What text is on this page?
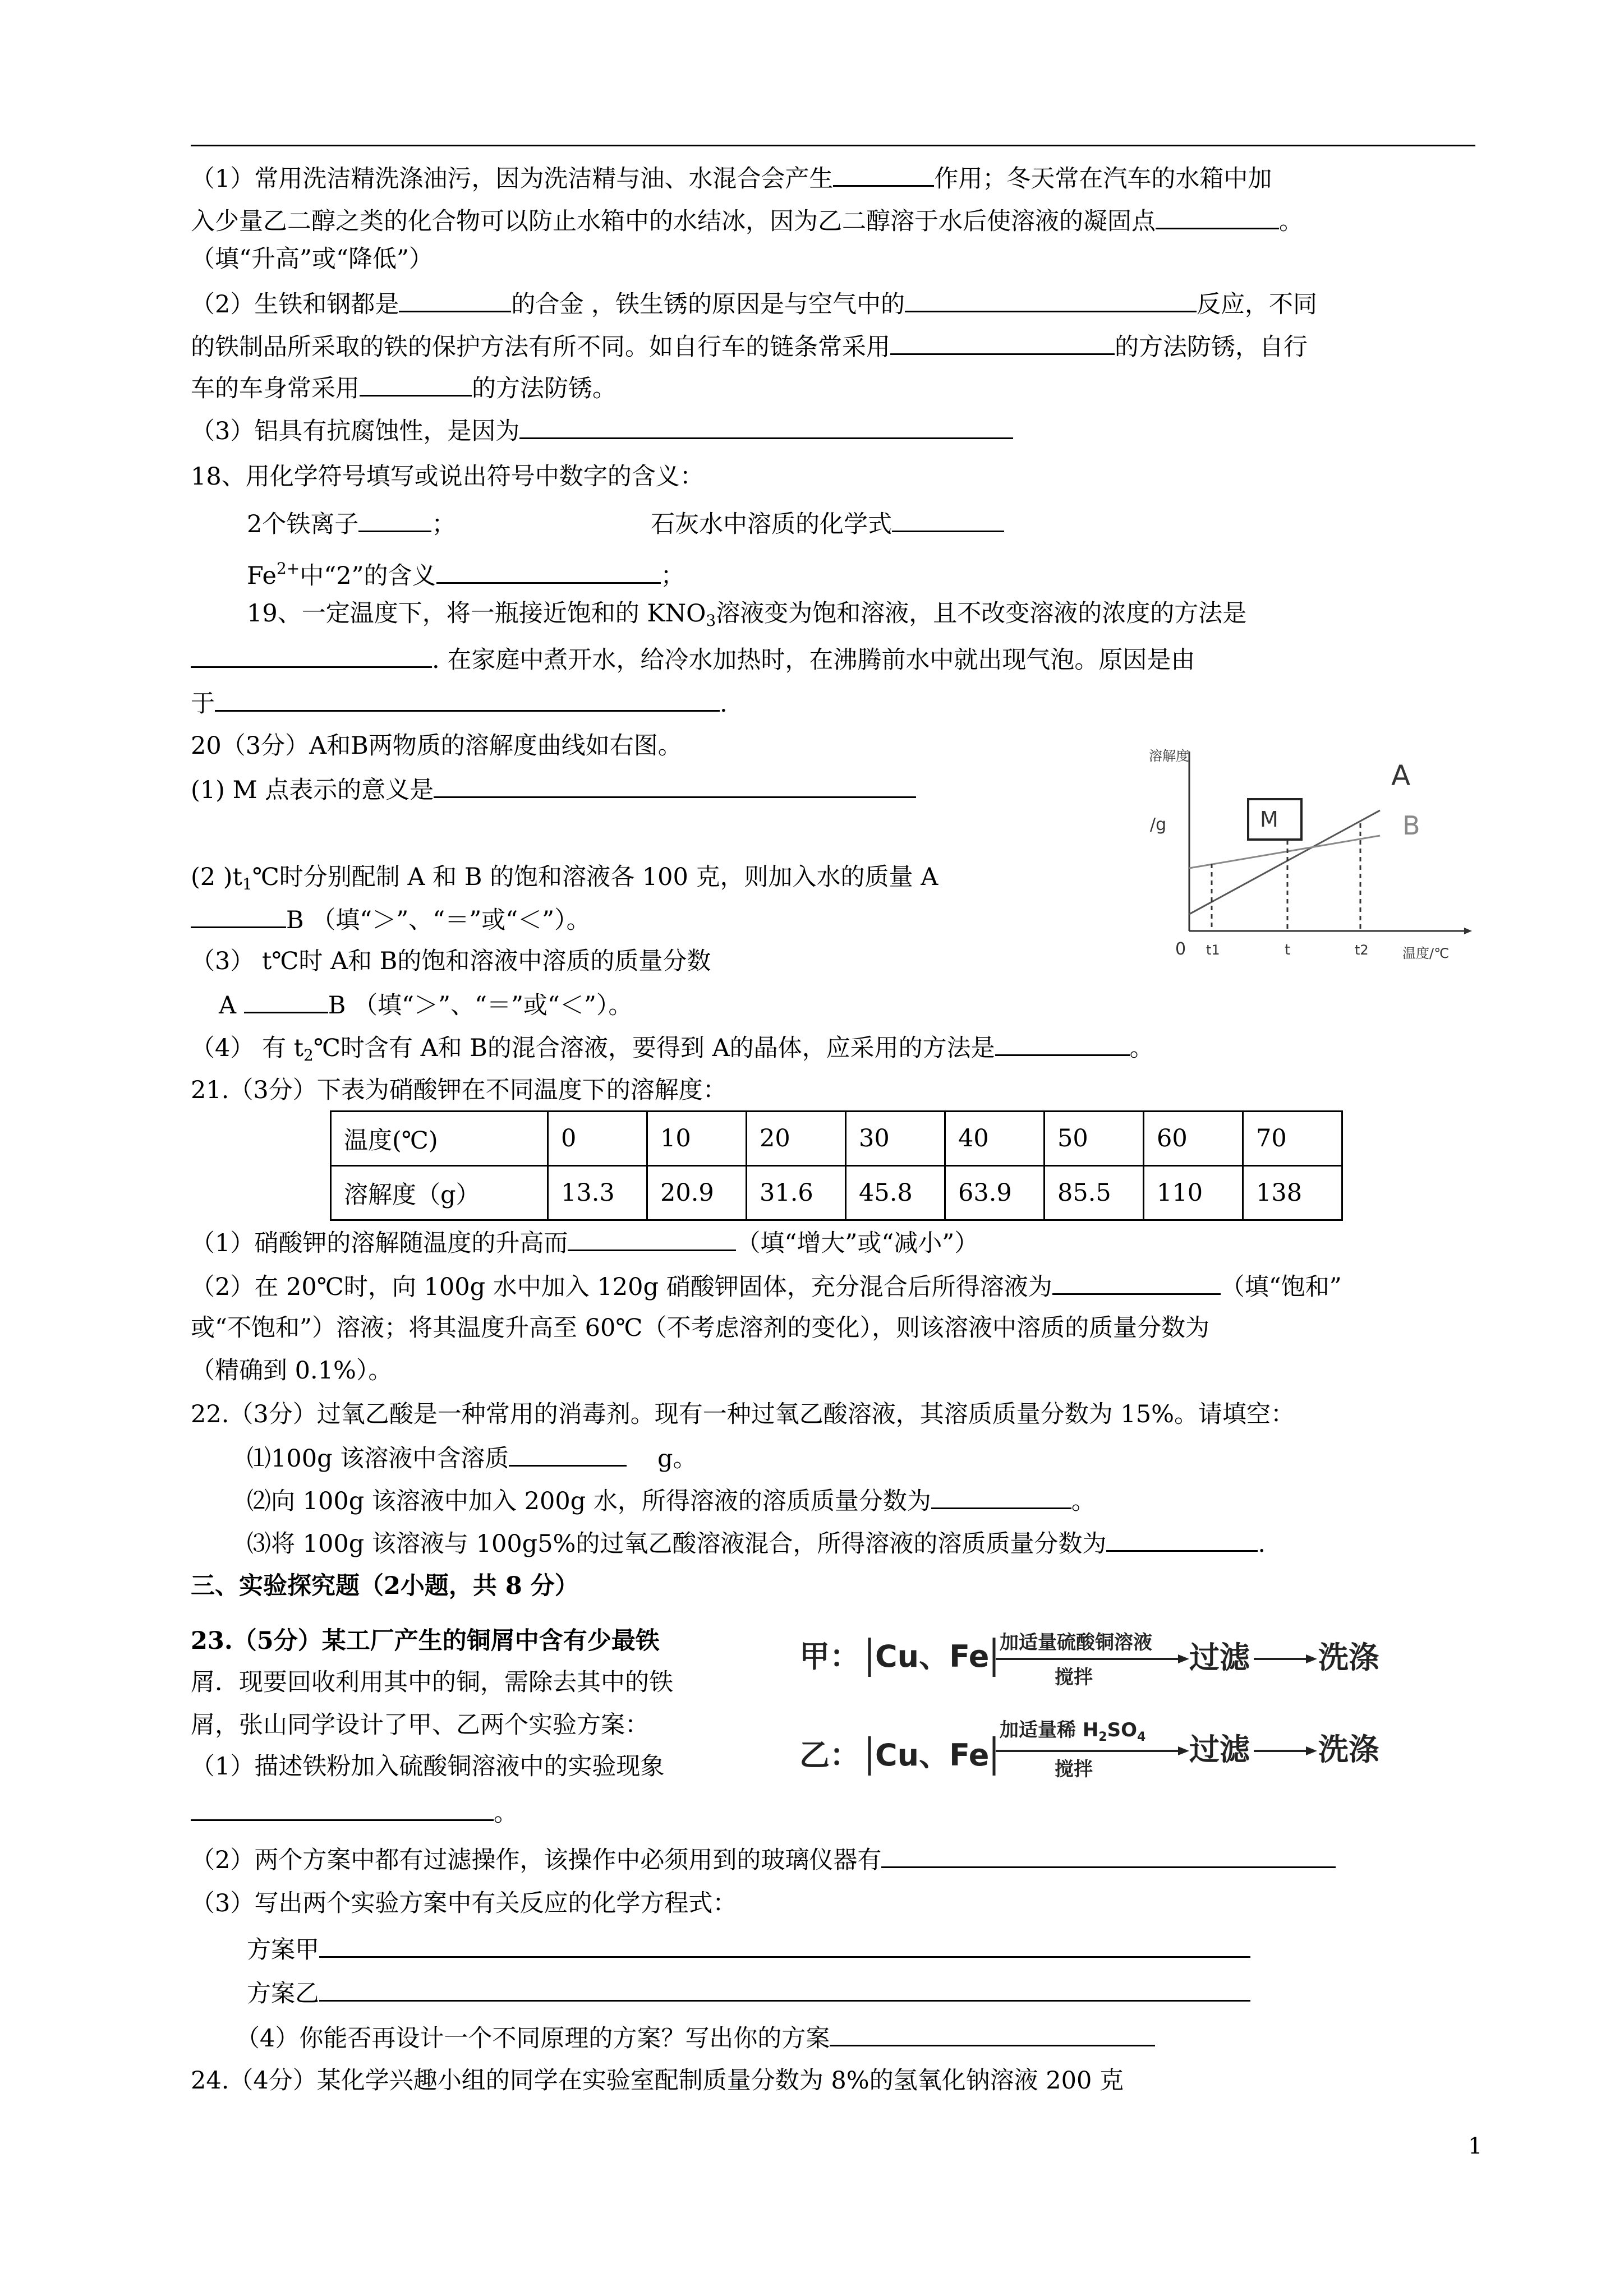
（1）常用洗洁精洗涤油污，因为洗洁精与油、水混合会产生	作用；冬天常在汽车的水箱中加
入少量乙二醇之类的化合物可以防止水箱中的水结冰，因为乙二醇溶于水后使溶液的凝固点	。
（填“升高”或“降低”）
（2）生铁和钢都是	的合金 ，铁生锈的原因是与空气中的	反应，不同
的铁制品所采取的铁的保护方法有所不同。如自行车的链条常采用	的方法防锈，自行
车的车身常采用	的方法防锈。
（3）铝具有抗腐蚀性，是因为
18、用化学符号填写或说出符号中数字的含义：
2个铁离子	；	石灰水中溶质的化学式
$Fe^{2+}$中“2”的含义	；
19、一定温度下，将一瓶接近饱和的 $KNO_3$溶液变为饱和溶液，且不改变溶液的浓度的方法是
. 在家庭中煮开水，给冷水加热时，在沸腾前水中就出现气泡。原因是由
于	.
20（3分）A和B两物质的溶解度曲线如右图。
(1) M 点表示的意义是
(2 )$t_1℃$时分别配制 A 和 B 的饱和溶液各 100 克，则加入水的质量 A
B （填“＞”、“＝”或“＜”）。
（3） t℃时 A和 B的饱和溶液中溶质的质量分数
A	B （填“＞”、“＝”或“＜”）。
（4） 有 $t_2℃$时含有 A和 B的混合溶液，要得到 A的晶体，应采用的方法是	。
溶解度
/g
A
B
M
0 t1	t	t2	温度/℃
21.（3分）下表为硝酸钾在不同温度下的溶解度：
温度(℃)	0	10	20	30	40	50	60	70
溶解度（g）	13.3	20.9	31.6	45.8	63.9	85.5	110	138
（1）硝酸钾的溶解随温度的升高而	（填“增大”或“减小”）
（2）在 20℃时，向 100g 水中加入 120g 硝酸钾固体，充分混合后所得溶液为	（填“饱和”
或“不饱和”）溶液；将其温度升高至 60℃（不考虑溶剂的变化），则该溶液中溶质的质量分数为
（精确到 0.1%）。
22.（3分）过氧乙酸是一种常用的消毒剂。现有一种过氧乙酸溶液，其溶质质量分数为 15%。请填空：
⑴100g 该溶液中含溶质	g。
⑵向 100g 该溶液中加入 200g 水，所得溶液的溶质质量分数为	。
⑶将 100g 该溶液与 100g5%的过氧乙酸溶液混合，所得溶液的溶质质量分数为	.
三、实验探究题（2小题，共 8 分）
23.（5分）某工厂产生的铜屑中含有少最铁
屑．现要回收利用其中的铜，需除去其中的铁
屑，张山同学设计了甲、乙两个实验方案：
（1）描述铁粉加入硫酸铜溶液中的实验现象
。
甲： Cu、Fe 加适量硫酸铜溶液
搅拌
过滤 洗涤
乙： Cu、Fe
加适量稀 $H_2SO_4$
搅拌
过滤 洗涤
（2）两个方案中都有过滤操作，该操作中必须用到的玻璃仪器有
（3）写出两个实验方案中有关反应的化学方程式：
方案甲
方案乙
（4）你能否再设计一个不同原理的方案？写出你的方案
24.（4分）某化学兴趣小组的同学在实验室配制质量分数为 8%的氢氧化钠溶液 200 克
1
